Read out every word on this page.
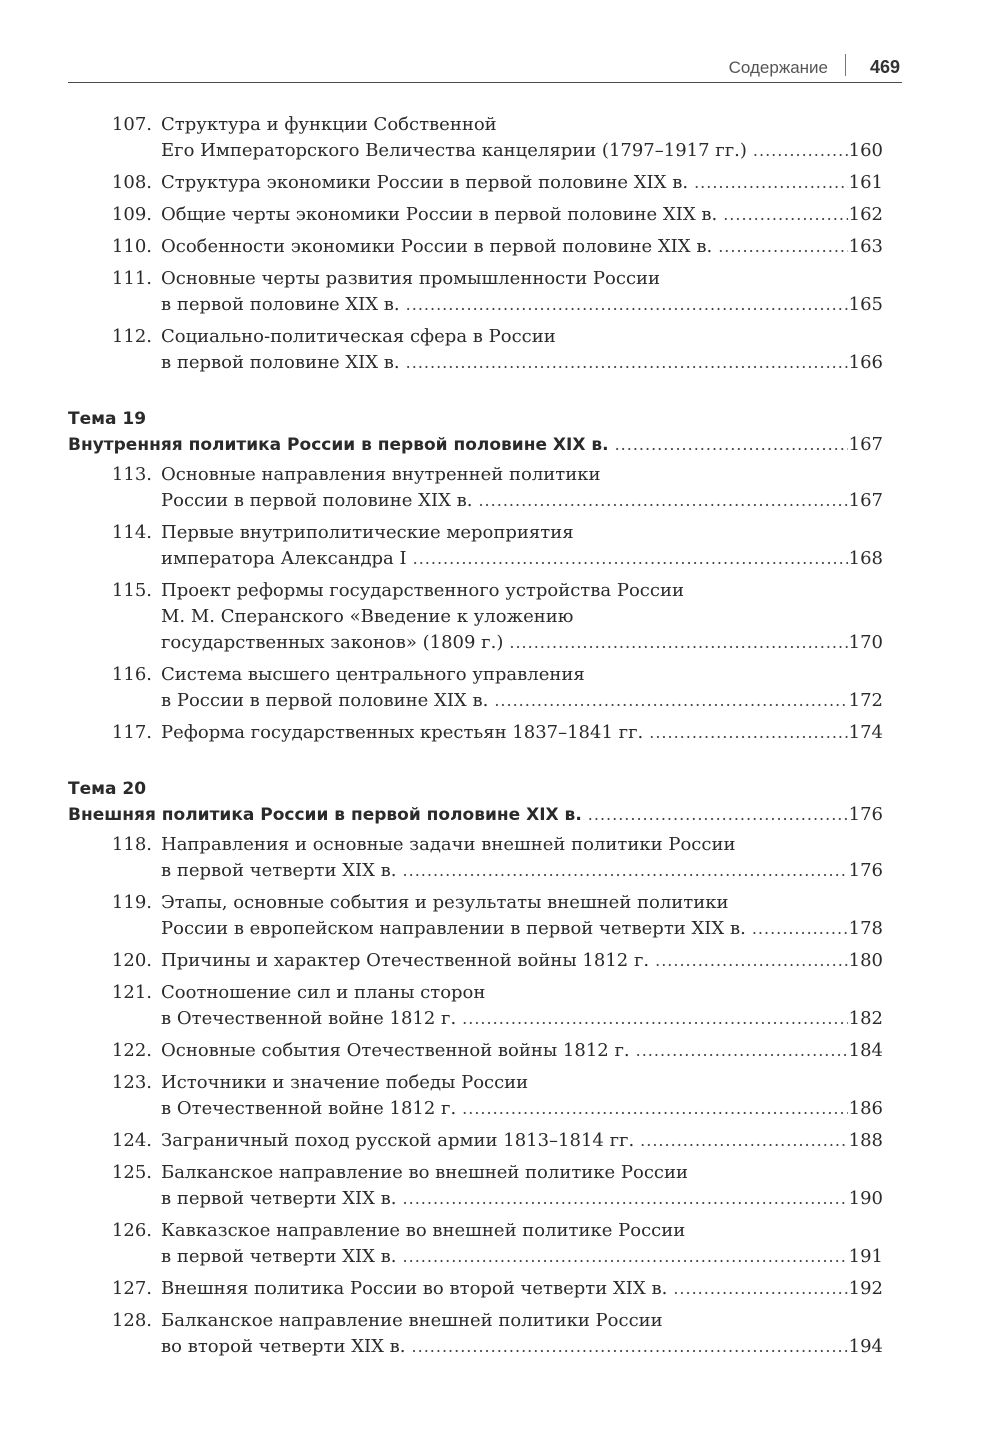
Содержание 469
107. Структура и функции Собственной
Его Императорского Величества канцелярии (1797–1917 гг.) .....	160
108. Структура экономики России в первой половине XIX в. .....	161
109. Общие черты экономики России в первой половине XIX в. .....	162
110. Особенности экономики России в первой половине XIX в. .....	163
111. Основные черты развития промышленности России
в первой половине XIX в. .....	165
112. Социально-политическая сфера в России
в первой половине XIX в. .....	166
Тема 19
Внутренняя политика России в первой половине XIX в. .....	167
113. Основные направления внутренней политики
России в первой половине XIX в. .....	167
114. Первые внутриполитические мероприятия
императора Александра I .....	168
115. Проект реформы государственного устройства России
М. М. Сперанского «Введение к уложению
государственных законов» (1809 г.) .....	170
116. Система высшего центрального управления
в России в первой половине XIX в. .....	172
117. Реформа государственных крестьян 1837–1841 гг. .....	174
Тема 20
Внешняя политика России в первой половине XIX в. .....	176
118. Направления и основные задачи внешней политики России
в первой четверти XIX в. .....	176
119. Этапы, основные события и результаты внешней политики
России в европейском направлении в первой четверти XIX в. .....	178
120. Причины и характер Отечественной войны 1812 г. .....	180
121. Соотношение сил и планы сторон
в Отечественной войне 1812 г. .....	182
122. Основные события Отечественной войны 1812 г. .....	184
123. Источники и значение победы России
в Отечественной войне 1812 г. .....	186
124. Заграничный поход русской армии 1813–1814 гг. .....	188
125. Балканское направление во внешней политике России
в первой четверти XIX в. .....	190
126. Кавказское направление во внешней политике России
в первой четверти XIX в. .....	191
127. Внешняя политика России во второй четверти XIX в. .....	192
128. Балканское направление внешней политики России
во второй четверти XIX в. .....	194
